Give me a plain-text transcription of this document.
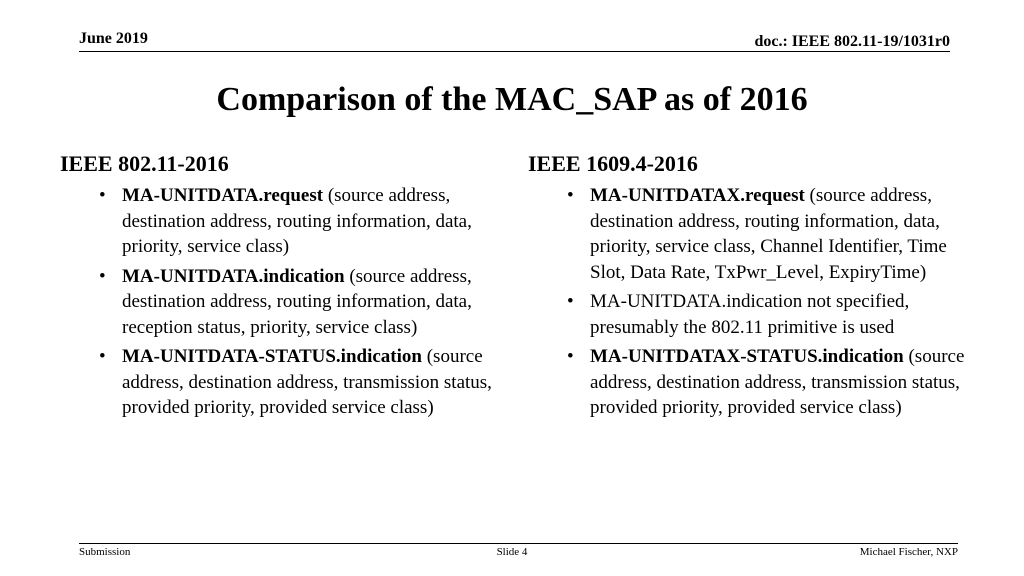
June 2019	doc.: IEEE 802.11-19/1031r0
Comparison of the MAC_SAP as of 2016
IEEE 802.11-2016
• MA-UNITDATA.request (source address, destination address, routing information, data, priority, service class)
• MA-UNITDATA.indication (source address, destination address, routing information, data, reception status, priority, service class)
• MA-UNITDATA-STATUS.indication (source address, destination address, transmission status, provided priority, provided service class)
IEEE 1609.4-2016
• MA-UNITDATAX.request (source address, destination address, routing information, data, priority, service class, Channel Identifier, Time Slot, Data Rate, TxPwr_Level, ExpiryTime)
• MA-UNITDATA.indication not specified, presumably the 802.11 primitive is used
• MA-UNITDATAX-STATUS.indication (source address, destination address, transmission status, provided priority, provided service class)
Submission	Slide 4	Michael Fischer, NXP
